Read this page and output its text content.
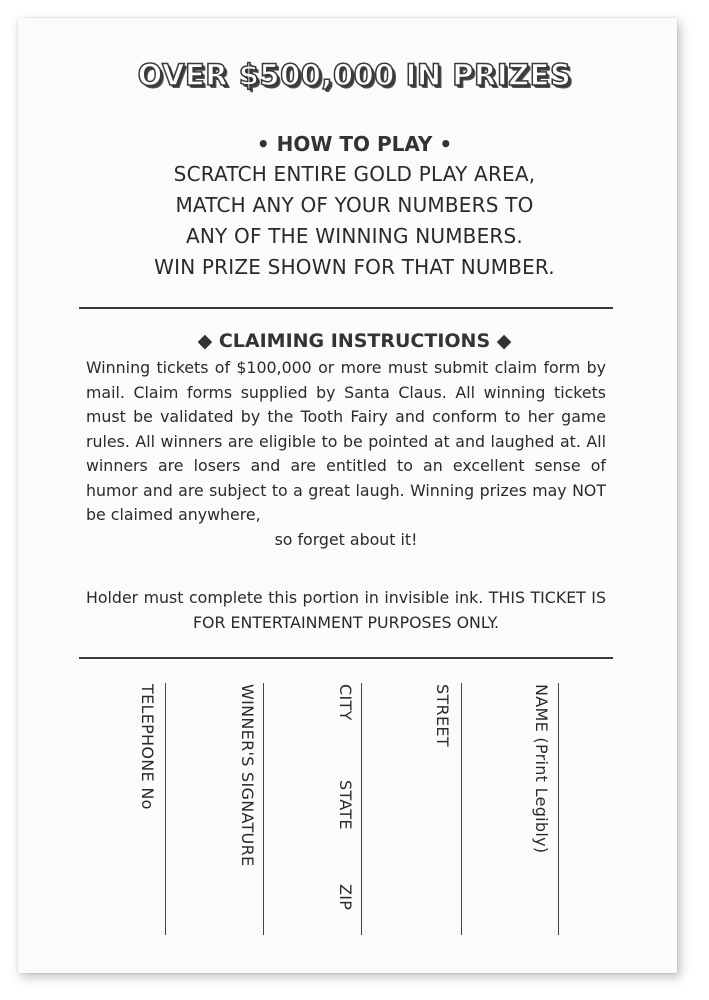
OVER $500,000 IN PRIZES
• HOW TO PLAY •
SCRATCH ENTIRE GOLD PLAY AREA,
MATCH ANY OF YOUR NUMBERS TO
ANY OF THE WINNING NUMBERS.
WIN PRIZE SHOWN FOR THAT NUMBER.
◆ CLAIMING INSTRUCTIONS ◆
Winning tickets of $100,000 or more must submit claim form by mail. Claim forms supplied by Santa Claus. All winning tickets must be validated by the Tooth Fairy and conform to her game rules. All winners are eligible to be pointed at and laughed at. All winners are losers and are entitled to an excellent sense of humor and are subject to a great laugh. Winning prizes may NOT be claimed anywhere,
so forget about it!
Holder must complete this portion in invisible ink. THIS TICKET IS FOR ENTERTAINMENT PURPOSES ONLY.
TELEPHONE No	WINNER'S SIGNATURE	CITY
STATE
ZIP
STREET	NAME (Print Legibly)
